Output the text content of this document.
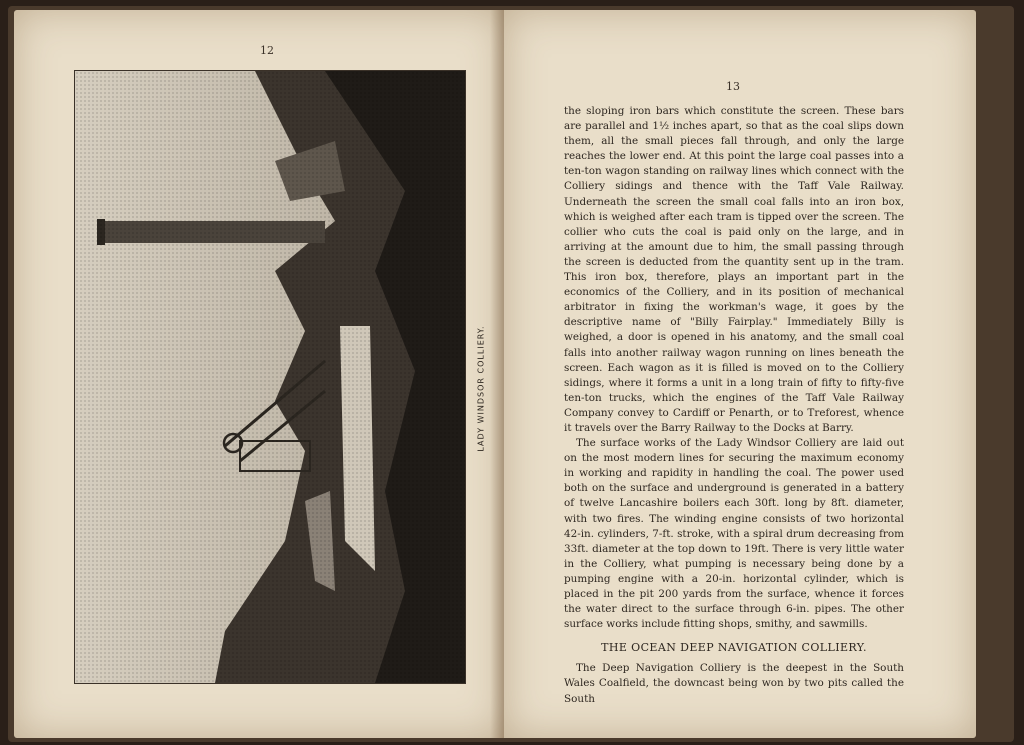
12
LADY WINDSOR COLLIERY.
13

the sloping iron bars which constitute the screen. These bars are parallel and 1½ inches apart, so that as the coal slips down them, all the small pieces fall through, and only the large reaches the lower end. At this point the large coal passes into a ten-ton wagon standing on railway lines which connect with the Colliery sidings and thence with the Taff Vale Railway. Underneath the screen the small coal falls into an iron box, which is weighed after each tram is tipped over the screen. The collier who cuts the coal is paid only on the large, and in arriving at the amount due to him, the small passing through the screen is deducted from the quantity sent up in the tram. This iron box, therefore, plays an important part in the economics of the Colliery, and in its position of mechanical arbitrator in fixing the workman's wage, it goes by the descriptive name of "Billy Fairplay." Immediately Billy is weighed, a door is opened in his anatomy, and the small coal falls into another railway wagon running on lines beneath the screen. Each wagon as it is filled is moved on to the Colliery sidings, where it forms a unit in a long train of fifty to fifty-five ten-ton trucks, which the engines of the Taff Vale Railway Company convey to Cardiff or Penarth, or to Treforest, whence it travels over the Barry Railway to the Docks at Barry.

The surface works of the Lady Windsor Colliery are laid out on the most modern lines for securing the maximum economy in working and rapidity in handling the coal. The power used both on the surface and underground is generated in a battery of twelve Lancashire boilers each 30ft. long by 8ft. diameter, with two fires. The winding engine consists of two horizontal 42-in. cylinders, 7-ft. stroke, with a spiral drum decreasing from 33ft. diameter at the top down to 19ft. There is very little water in the Colliery, what pumping is necessary being done by a pumping engine with a 20-in. horizontal cylinder, which is placed in the pit 200 yards from the surface, whence it forces the water direct to the surface through 6-in. pipes. The other surface works include fitting shops, smithy, and sawmills.

THE OCEAN DEEP NAVIGATION COLLIERY.

The Deep Navigation Colliery is the deepest in the South Wales Coalfield, the downcast being won by two pits called the South
